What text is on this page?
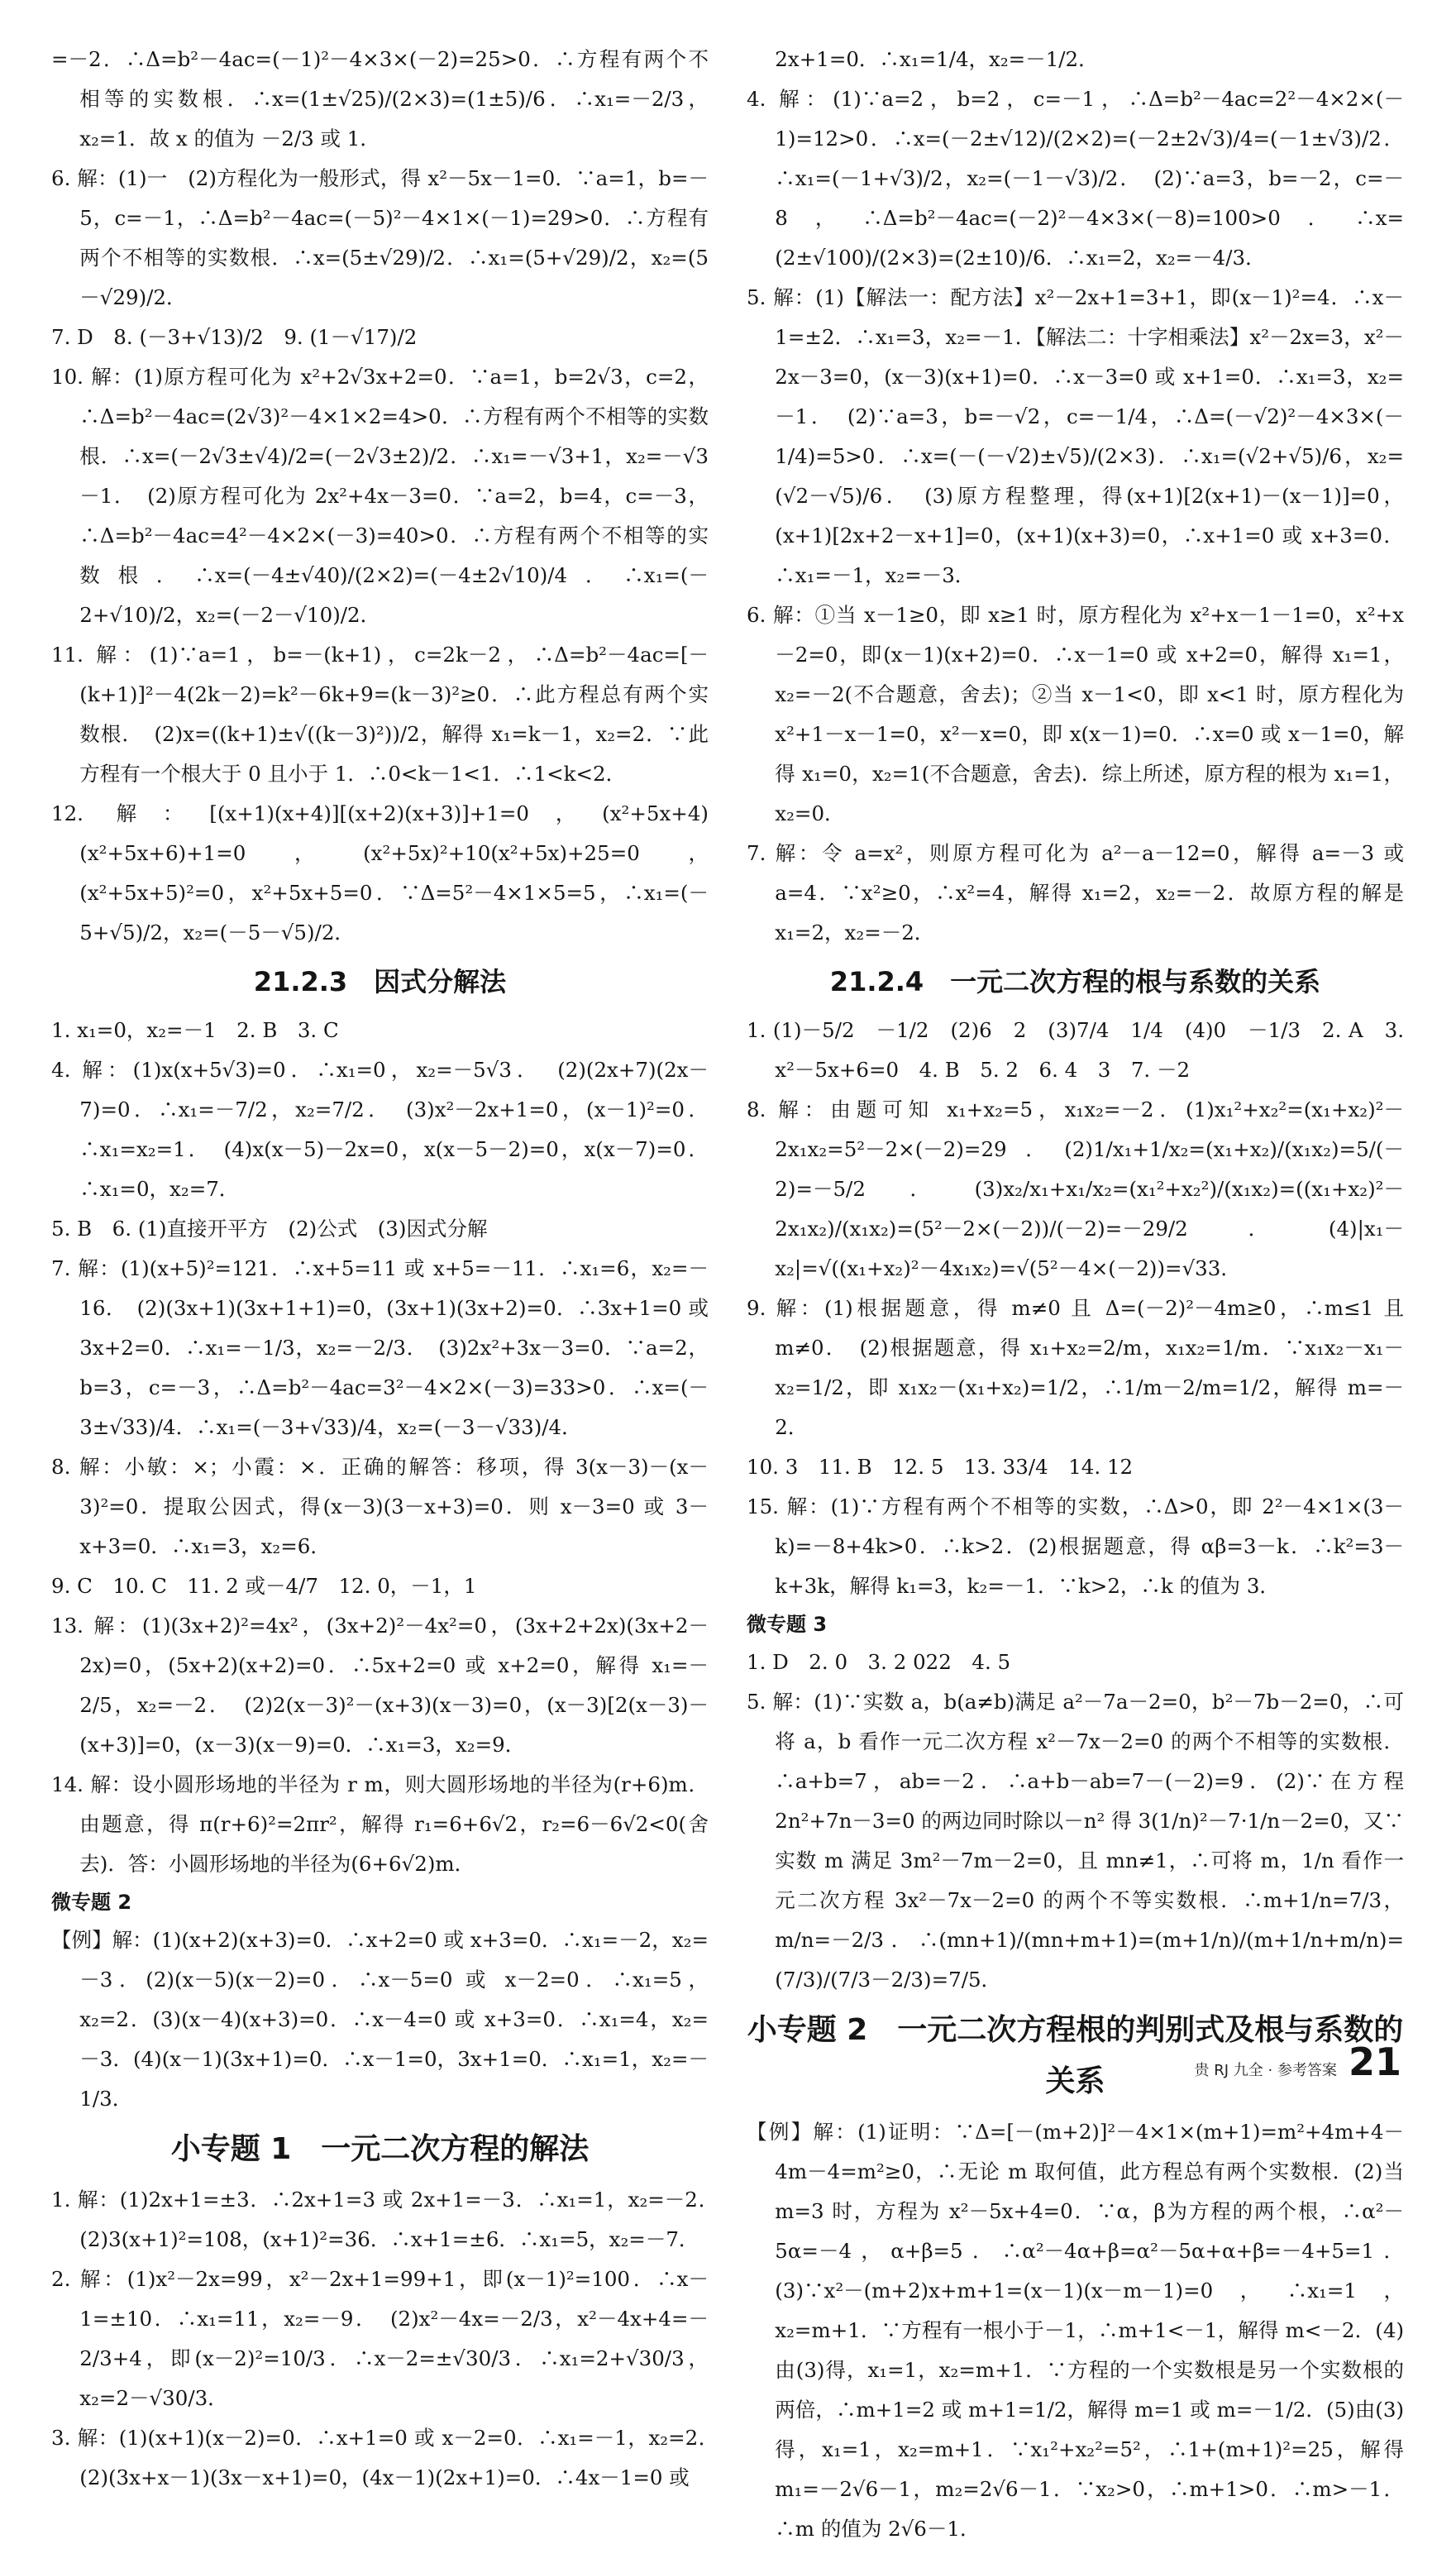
=－2．∴Δ=b²－4ac=(－1)²－4×3×(－2)=25>0．∴方程有两个不相等的实数根．∴x=(1±√25)/(2×3)=(1±5)/6．∴x₁=－2/3，x₂=1．故 x 的值为 －2/3 或 1．

6. 解：(1)一　(2)方程化为一般形式，得 x²－5x－1=0．∵a=1，b=－5，c=－1，∴Δ=b²－4ac=(－5)²－4×1×(－1)=29>0．∴方程有两个不相等的实数根．∴x=(5±√29)/2．∴x₁=(5+√29)/2，x₂=(5－√29)/2．

7. D　8. (－3+√13)/2　9. (1－√17)/2

10. 解：(1)原方程可化为 x²+2√3x+2=0．∵a=1，b=2√3，c=2，∴Δ=b²－4ac=(2√3)²－4×1×2=4>0．∴方程有两个不相等的实数根．∴x=(－2√3±√4)/2=(－2√3±2)/2．∴x₁=－√3+1，x₂=－√3－1．　(2)原方程可化为 2x²+4x－3=0．∵a=2，b=4，c=－3，∴Δ=b²－4ac=4²－4×2×(－3)=40>0．∴方程有两个不相等的实数根．∴x=(－4±√40)/(2×2)=(－4±2√10)/4．∴x₁=(－2+√10)/2，x₂=(－2－√10)/2．

11. 解：(1)∵a=1，b=－(k+1)，c=2k－2，∴Δ=b²－4ac=[－(k+1)]²－4(2k－2)=k²－6k+9=(k－3)²≥0．∴此方程总有两个实数根．　(2)x=((k+1)±√((k－3)²))/2，解得 x₁=k－1，x₂=2．∵此方程有一个根大于 0 且小于 1．∴0<k－1<1．∴1<k<2．

12. 解：[(x+1)(x+4)][(x+2)(x+3)]+1=0，(x²+5x+4)(x²+5x+6)+1=0，(x²+5x)²+10(x²+5x)+25=0，(x²+5x+5)²=0，x²+5x+5=0．∵Δ=5²－4×1×5=5，∴x₁=(－5+√5)/2，x₂=(－5－√5)/2．

21.2.3　因式分解法

1. x₁=0，x₂=－1　2. B　3. C

4. 解：(1)x(x+5√3)=0．∴x₁=0，x₂=－5√3．　(2)(2x+7)(2x－7)=0．∴x₁=－7/2，x₂=7/2．　(3)x²－2x+1=0，(x－1)²=0．∴x₁=x₂=1．　(4)x(x－5)－2x=0，x(x－5－2)=0，x(x－7)=0．∴x₁=0，x₂=7．

5. B　6. (1)直接开平方　(2)公式　(3)因式分解

7. 解：(1)(x+5)²=121．∴x+5=11 或 x+5=－11．∴x₁=6，x₂=－16．　(2)(3x+1)(3x+1+1)=0，(3x+1)(3x+2)=0．∴3x+1=0 或 3x+2=0．∴x₁=－1/3，x₂=－2/3．　(3)2x²+3x－3=0．∵a=2，b=3，c=－3，∴Δ=b²－4ac=3²－4×2×(－3)=33>0．∴x=(－3±√33)/4．∴x₁=(－3+√33)/4，x₂=(－3－√33)/4．

8. 解：小敏：×；小霞：×．正确的解答：移项，得 3(x－3)－(x－3)²=0．提取公因式，得(x－3)(3－x+3)=0．则 x－3=0 或 3－x+3=0．∴x₁=3，x₂=6．

9. C　10. C　11. 2 或－4/7　12. 0，－1，1

13. 解：(1)(3x+2)²=4x²，(3x+2)²－4x²=0，(3x+2+2x)(3x+2－2x)=0，(5x+2)(x+2)=0．∴5x+2=0 或 x+2=0，解得 x₁=－2/5，x₂=－2．　(2)2(x－3)²－(x+3)(x－3)=0，(x－3)[2(x－3)－(x+3)]=0，(x－3)(x－9)=0．∴x₁=3，x₂=9．

14. 解：设小圆形场地的半径为 r m，则大圆形场地的半径为(r+6)m．由题意，得 π(r+6)²=2πr²，解得 r₁=6+6√2，r₂=6－6√2<0(舍去)．答：小圆形场地的半径为(6+6√2)m．

微专题 2

【例】解：(1)(x+2)(x+3)=0．∴x+2=0 或 x+3=0．∴x₁=－2，x₂=－3．(2)(x－5)(x－2)=0．∴x－5=0 或 x－2=0．∴x₁=5，x₂=2．(3)(x－4)(x+3)=0．∴x－4=0 或 x+3=0．∴x₁=4，x₂=－3．(4)(x－1)(3x+1)=0．∴x－1=0，3x+1=0．∴x₁=1，x₂=－1/3．

小专题 1　一元二次方程的解法

1. 解：(1)2x+1=±3．∴2x+1=3 或 2x+1=－3．∴x₁=1，x₂=－2．　(2)3(x+1)²=108，(x+1)²=36．∴x+1=±6．∴x₁=5，x₂=－7．

2. 解：(1)x²－2x=99，x²－2x+1=99+1，即(x－1)²=100．∴x－1=±10．∴x₁=11，x₂=－9．　(2)x²－4x=－2/3，x²－4x+4=－2/3+4，即(x－2)²=10/3．∴x－2=±√30/3．∴x₁=2+√30/3，x₂=2－√30/3．

3. 解：(1)(x+1)(x－2)=0．∴x+1=0 或 x－2=0．∴x₁=－1，x₂=2．　(2)(3x+x－1)(3x－x+1)=0，(4x－1)(2x+1)=0．∴4x－1=0 或

2x+1=0．∴x₁=1/4，x₂=－1/2．

4. 解：(1)∵a=2，b=2，c=－1，∴Δ=b²－4ac=2²－4×2×(－1)=12>0．∴x=(－2±√12)/(2×2)=(－2±2√3)/4=(－1±√3)/2．∴x₁=(－1+√3)/2，x₂=(－1－√3)/2．　(2)∵a=3，b=－2，c=－8，∴Δ=b²－4ac=(－2)²－4×3×(－8)=100>0．∴x=(2±√100)/(2×3)=(2±10)/6．∴x₁=2，x₂=－4/3．

5. 解：(1)【解法一：配方法】x²－2x+1=3+1，即(x－1)²=4．∴x－1=±2．∴x₁=3，x₂=－1．【解法二：十字相乘法】x²－2x=3，x²－2x－3=0，(x－3)(x+1)=0．∴x－3=0 或 x+1=0．∴x₁=3，x₂=－1．　(2)∵a=3，b=－√2，c=－1/4，∴Δ=(－√2)²－4×3×(－1/4)=5>0．∴x=(－(－√2)±√5)/(2×3)．∴x₁=(√2+√5)/6，x₂=(√2－√5)/6．　(3)原方程整理，得(x+1)[2(x+1)－(x－1)]=0，(x+1)[2x+2－x+1]=0，(x+1)(x+3)=0，∴x+1=0 或 x+3=0．∴x₁=－1，x₂=－3．

6. 解：①当 x－1≥0，即 x≥1 时，原方程化为 x²+x－1－1=0，x²+x－2=0，即(x－1)(x+2)=0．∴x－1=0 或 x+2=0，解得 x₁=1，x₂=－2(不合题意，舍去)；②当 x－1<0，即 x<1 时，原方程化为 x²+1－x－1=0，x²－x=0，即 x(x－1)=0．∴x=0 或 x－1=0，解得 x₁=0，x₂=1(不合题意，舍去)．综上所述，原方程的根为 x₁=1，x₂=0．

7. 解：令 a=x²，则原方程可化为 a²－a－12=0，解得 a=－3 或 a=4．∵x²≥0，∴x²=4，解得 x₁=2，x₂=－2．故原方程的解是 x₁=2，x₂=－2．

21.2.4　一元二次方程的根与系数的关系

1. (1)－5/2　－1/2　(2)6　2　(3)7/4　1/4　(4)0　－1/3　2. A　3. x²－5x+6=0　4. B　5. 2　6. 4　3　7. －2

8. 解：由题可知 x₁+x₂=5，x₁x₂=－2．(1)x₁²+x₂²=(x₁+x₂)²－2x₁x₂=5²－2×(－2)=29．(2)1/x₁+1/x₂=(x₁+x₂)/(x₁x₂)=5/(－2)=－5/2．(3)x₂/x₁+x₁/x₂=(x₁²+x₂²)/(x₁x₂)=((x₁+x₂)²－2x₁x₂)/(x₁x₂)=(5²－2×(－2))/(－2)=－29/2．(4)|x₁－x₂|=√((x₁+x₂)²－4x₁x₂)=√(5²－4×(－2))=√33．

9. 解：(1)根据题意，得 m≠0 且 Δ=(－2)²－4m≥0，∴m≤1 且 m≠0．　(2)根据题意，得 x₁+x₂=2/m，x₁x₂=1/m．∵x₁x₂－x₁－x₂=1/2，即 x₁x₂－(x₁+x₂)=1/2，∴1/m－2/m=1/2，解得 m=－2．

10. 3　11. B　12. 5　13. 33/4　14. 12

15. 解：(1)∵方程有两个不相等的实数，∴Δ>0，即 2²－4×1×(3－k)=－8+4k>0．∴k>2．(2)根据题意，得 αβ=3－k．∴k²=3－k+3k，解得 k₁=3，k₂=－1．∵k>2，∴k 的值为 3．

微专题 3

1. D　2. 0　3. 2 022　4. 5

5. 解：(1)∵实数 a，b(a≠b)满足 a²－7a－2=0，b²－7b－2=0，∴可将 a，b 看作一元二次方程 x²－7x－2=0 的两个不相等的实数根．∴a+b=7，ab=－2．∴a+b－ab=7－(－2)=9．(2)∵在方程 2n²+7n－3=0 的两边同时除以－n² 得 3(1/n)²－7·1/n－2=0，又∵实数 m 满足 3m²－7m－2=0，且 mn≠1，∴可将 m，1/n 看作一元二次方程 3x²－7x－2=0 的两个不等实数根．∴m+1/n=7/3，m/n=－2/3．∴(mn+1)/(mn+m+1)=(m+1/n)/(m+1/n+m/n)=(7/3)/(7/3－2/3)=7/5．

小专题 2　一元二次方程根的判别式及根与系数的关系

【例】解：(1)证明：∵Δ=[－(m+2)]²－4×1×(m+1)=m²+4m+4－4m－4=m²≥0，∴无论 m 取何值，此方程总有两个实数根．(2)当 m=3 时，方程为 x²－5x+4=0．∵α，β为方程的两个根，∴α²－5α=－4，α+β=5．∴α²－4α+β=α²－5α+α+β=－4+5=1．(3)∵x²－(m+2)x+m+1=(x－1)(x－m－1)=0，∴x₁=1，x₂=m+1．∵方程有一根小于－1，∴m+1<－1，解得 m<－2．(4)由(3)得，x₁=1，x₂=m+1．∵方程的一个实数根是另一个实数根的两倍，∴m+1=2 或 m+1=1/2，解得 m=1 或 m=－1/2．(5)由(3)得，x₁=1，x₂=m+1．∵x₁²+x₂²=5²，∴1+(m+1)²=25，解得 m₁=－2√6－1，m₂=2√6－1．∵x₂>0，∴m+1>0．∴m>－1．∴m 的值为 2√6－1．

贵 RJ 九全 · 参考答案 21
